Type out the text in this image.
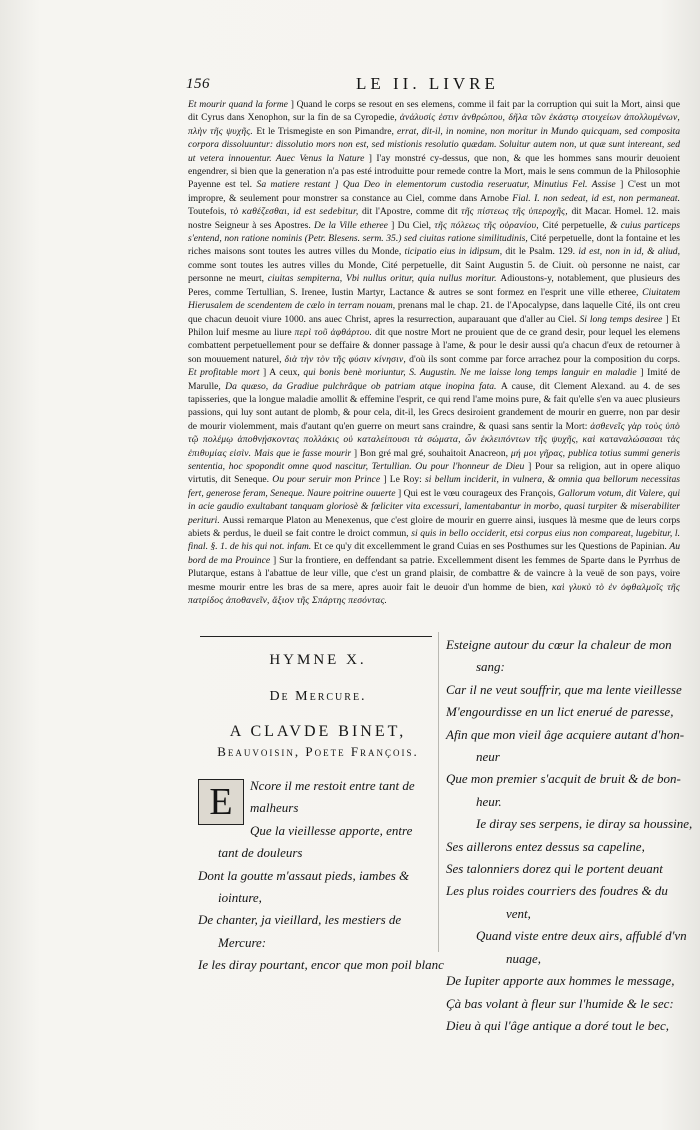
156	LE II. LIVRE

Et mourir quand la forme ] Quand le corps se resout en ses elemens, comme il fait par la corruption qui suit la Mort, ainsi que dit Cyrus dans Xenophon, sur la fin de sa Cyropedie, ἀνάλυσίς ἐστιν ἀνθρώπου, δῆλα τῶν ἐκάστῳ στοιχείων ἀπολλυμένων, πλὴν τῆς ψυχῆς. Et le Trismegiste en son Pimandre, errat, dit-il, in nomine, non moritur in Mundo quicquam, sed composita corpora dissoluuntur: dissolutio mors non est, sed mistionis resolutio quædam. Soluitur autem non, ut quæ sunt intereant, sed ut vetera innouentur. Auec Venus la Nature ] I'ay monstré cy-dessus, que non, & que les hommes sans mourir deuoient engendrer, si bien que la generation n'a pas esté introduitte pour remede contre la Mort, mais le sens commun de la Philosophie Payenne est tel. Sa matiere restant ] Qua Deo in elementorum custodia reseruatur, Minutius Fel. Assise ] C'est un mot impropre, & seulement pour monstrer sa constance au Ciel, comme dans Arnobe Fial. I. non sedeat, id est, non permaneat. Toutefois, τὸ καθέζεσθαι, id est sedebitur, dit l'Apostre, comme dit τῆς πίστεως τῆς ὑπεροχῆς, dit Macar. Homel. 12. mais nostre Seigneur à ses Apostres. De la Ville etheree ] Du Ciel, τῆς πόλεως τῆς οὐρανίου, Cité perpetuelle, & cuius particeps s'entend, non ratione nominis (Petr. Blesens. serm. 35.) sed ciuitas ratione similitudinis, Cité perpetuelle, dont la fontaine et les riches maisons sont toutes les autres villes du Monde, ticipatio eius in idipsum, dit le Psalm. 129. id est, non in id, & aliud, comme sont toutes les autres villes du Monde, Cité perpetuelle, dit Saint Augustin 5. de Ciuit. où personne ne naist, car personne ne meurt, ciuitas sempiterna, Vbi nullus oritur, quia nullus moritur. Adioustons-y, notablement, que plusieurs des Peres, comme Tertullian, S. Irenee, Iustin Martyr, Lactance & autres se sont formez en l'esprit une ville etheree, Ciuitatem Hierusalem de scendentem de cælo in terram nouam, prenans mal le chap. 21. de l'Apocalypse, dans laquelle Cité, ils ont creu que chacun deuoit viure 1000. ans auec Christ, apres la resurrection, auparauant que d'aller au Ciel. Si long temps desiree ] Et Philon luif mesme au liure περὶ τοῦ ἀφθάρτου. dit que nostre Mort ne prouient que de ce grand desir, pour lequel les elemens combattent perpetuellement pour se deffaire & donner passage à l'ame, & pour le desir aussi qu'a chacun d'eux de retourner à son mouuement naturel, διὰ τὴν τὸν τῆς φύσιν κίνησιν, d'où ils sont comme par force arrachez pour la composition du corps. Et profitable mort ] A ceux, qui bonis benè moriuntur, S. Augustin. Ne me laisse long temps languir en maladie ] Imité de Marulle, Da quæso, da Gradiue pulchrâque ob patriam atque inopina fata. A cause, dit Clement Alexand. au 4. de ses tapisseries, que la longue maladie amollit & effemine l'esprit, ce qui rend l'ame moins pure, & fait qu'elle s'en va auec plusieurs passions, qui luy sont autant de plomb, & pour cela, dit-il, les Grecs desiroient grandement de mourir en guerre, non par desir de mourir violemment, mais d'autant qu'en guerre on meurt sans craindre, & quasi sans sentir la Mort: ἀσθενεῖς γὰρ τοὺς ὑπὸ τῷ πολέμῳ ἀποθνῄσκοντας πολλάκις οὐ καταλείπουσι τὰ σώματα, ὧν ἐκλειπόντων τῆς ψυχῆς, καὶ καταναλώσασαι τὰς ἐπιθυμίας εἰσὶν. Mais que ie fasse mourir ] Bon gré mal gré, souhaitoit Anacreon, μή μοι γῆρας, publica totius summi generis sententia, hoc spopondit omne quod nascitur, Tertullian. Ou pour l'honneur de Dieu ] Pour sa religion, aut in opere aliquo virtutis, dit Seneque. Ou pour seruir mon Prince ] Le Roy: si bellum inciderit, in vulnera, & omnia qua bellorum necessitas fert, generose feram, Seneque. Naure poitrine ouuerte ] Qui est le vœu courageux des François, Gallorum votum, dit Valere, qui in acie gaudio exultabant tanquam gloriosè & fœliciter vita excessuri, lamentabantur in morbo, quasi turpiter & miserabiliter perituri. Aussi remarque Platon au Menexenus, que c'est gloire de mourir en guerre ainsi, iusques là mesme que de leurs corps abiets & perdus, le dueil se fait contre le droict commun, si quis in bello occiderit, etsi corpus eius non compareat, lugebitur, l. final. §. 1. de his qui not. infam. Et ce qu'y dit excellemment le grand Cuias en ses Posthumes sur les Questions de Papinian. Au bord de ma Prouince ] Sur la frontiere, en deffendant sa patrie. Excellemment disent les femmes de Sparte dans le Pyrrhus de Plutarque, estans à l'abattue de leur ville, que c'est un grand plaisir, de combattre & de vaincre à la veuë de son pays, voire mesme mourir entre les bras de sa mere, apres auoir fait le deuoir d'un homme de bien, καὶ γλυκὺ τὸ ἐν ὀφθαλμοῖς τῆς πατρίδος ἀποθανεῖν, ἄξιον τῆς Σπάρτης πεσόντας.

HYMNE X.
De Mercure.
A CLAVDE BINET,
Beauvoisin, Poete François.
E	Ncore il me restoit entre tant de
malheurs
Que la vieillesse apporte, entre
tant de douleurs
Dont la goutte m'assaut pieds, iambes &
iointure,
De chanter, ja vieillard, les mestiers de
Mercure:
Ie les diray pourtant, encor que mon poil blanc
Esteigne autour du cœur la chaleur de mon
sang:
Car il ne veut souffrir, que ma lente vieillesse
M'engourdisse en un lict enerué de paresse,
Afin que mon vieil âge acquiere autant d'hon-
neur
Que mon premier s'acquit de bruit & de bon-
heur.
Ie diray ses serpens, ie diray sa houssine,
Ses aillerons entez dessus sa capeline,
Ses talonniers dorez qui le portent deuant
Les plus roides courriers des foudres & du
vent,
Quand viste entre deux airs, affublé d'vn
nuage,
De Iupiter apporte aux hommes le message,
Çà bas volant à fleur sur l'humide & le sec:
Dieu à qui l'âge antique a doré tout le bec,
